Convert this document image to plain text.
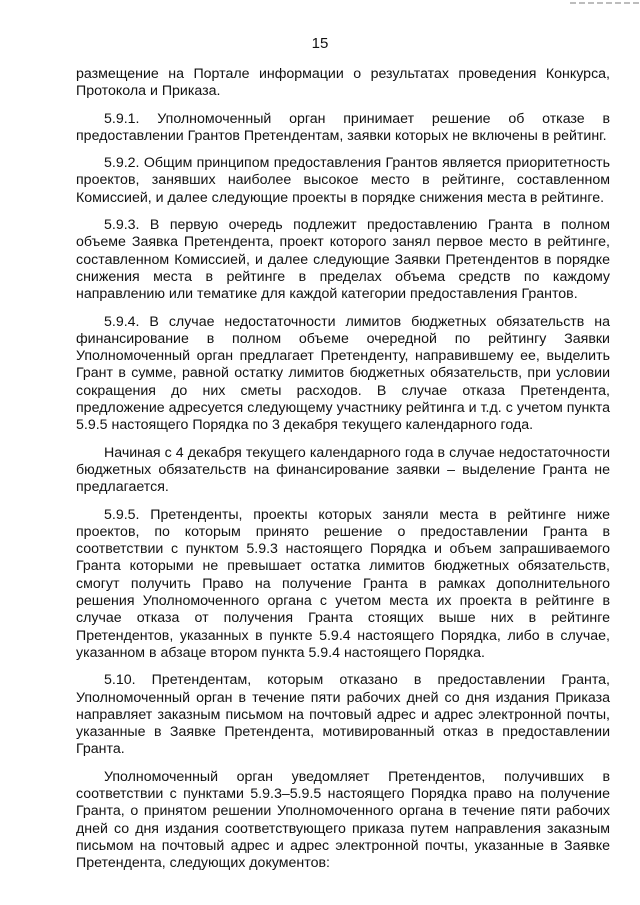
15

размещение на Портале информации о результатах проведения Конкурса, Протокола и Приказа.

5.9.1. Уполномоченный орган принимает решение об отказе в предоставлении Грантов Претендентам, заявки которых не включены в рейтинг.

5.9.2. Общим принципом предоставления Грантов является приоритетность проектов, занявших наиболее высокое место в рейтинге, составленном Комиссией, и далее следующие проекты в порядке снижения места в рейтинге.

5.9.3. В первую очередь подлежит предоставлению Гранта в полном объеме Заявка Претендента, проект которого занял первое место в рейтинге, составленном Комиссией, и далее следующие Заявки Претендентов в порядке снижения места в рейтинге в пределах объема средств по каждому направлению или тематике для каждой категории предоставления Грантов.

5.9.4. В случае недостаточности лимитов бюджетных обязательств на финансирование в полном объеме очередной по рейтингу Заявки Уполномоченный орган предлагает Претенденту, направившему ее, выделить Грант в сумме, равной остатку лимитов бюджетных обязательств, при условии сокращения до них сметы расходов. В случае отказа Претендента, предложение адресуется следующему участнику рейтинга и т.д. с учетом пункта 5.9.5 настоящего Порядка по 3 декабря текущего календарного года.

Начиная с 4 декабря текущего календарного года в случае недостаточности бюджетных обязательств на финансирование заявки – выделение Гранта не предлагается.

5.9.5. Претенденты, проекты которых заняли места в рейтинге ниже проектов, по которым принято решение о предоставлении Гранта в соответствии с пунктом 5.9.3 настоящего Порядка и объем запрашиваемого Гранта которыми не превышает остатка лимитов бюджетных обязательств, смогут получить Право на получение Гранта в рамках дополнительного решения Уполномоченного органа с учетом места их проекта в рейтинге в случае отказа от получения Гранта стоящих выше них в рейтинге Претендентов, указанных в пункте 5.9.4 настоящего Порядка, либо в случае, указанном в абзаце втором пункта 5.9.4 настоящего Порядка.

5.10. Претендентам, которым отказано в предоставлении Гранта, Уполномоченный орган в течение пяти рабочих дней со дня издания Приказа направляет заказным письмом на почтовый адрес и адрес электронной почты, указанные в Заявке Претендента, мотивированный отказ в предоставлении Гранта.

Уполномоченный орган уведомляет Претендентов, получивших в соответствии с пунктами 5.9.3–5.9.5 настоящего Порядка право на получение Гранта, о принятом решении Уполномоченного органа в течение пяти рабочих дней со дня издания соответствующего приказа путем направления заказным письмом на почтовый адрес и адрес электронной почты, указанные в Заявке Претендента, следующих документов:
